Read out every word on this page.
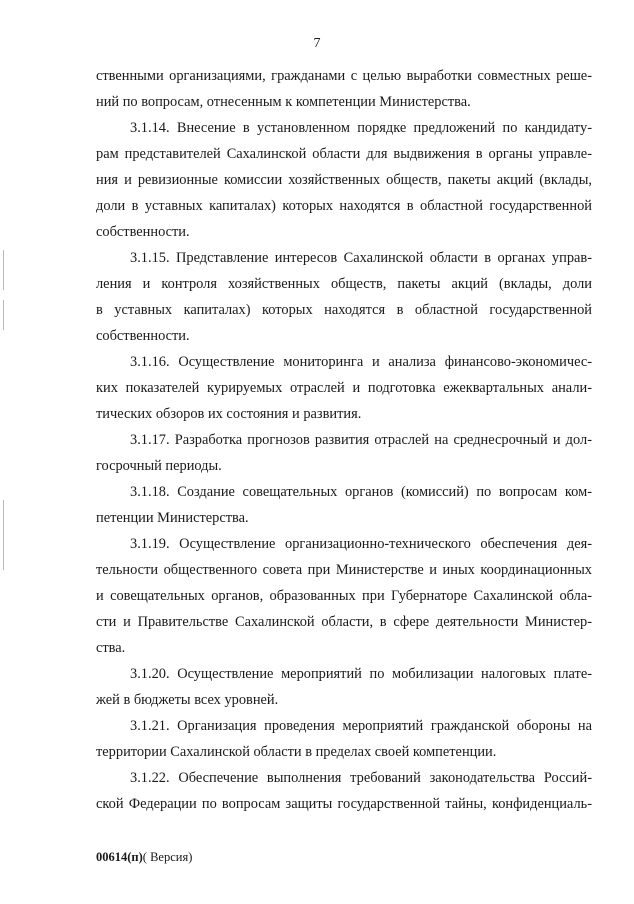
7
ственными организациями, гражданами с целью выработки совместных реше-
ний по вопросам, отнесенным к компетенции Министерства.
3.1.14. Внесение в установленном порядке предложений по кандидату-
рам представителей Сахалинской области для выдвижения в органы управле-
ния и ревизионные комиссии хозяйственных обществ, пакеты акций (вклады,
доли в уставных капиталах) которых находятся в областной государственной
собственности.
3.1.15. Представление интересов Сахалинской области в органах управ-
ления и контроля хозяйственных обществ, пакеты акций (вклады, доли
в уставных капиталах) которых находятся в областной государственной
собственности.
3.1.16. Осуществление мониторинга и анализа финансово-экономичес-
ких показателей курируемых отраслей и подготовка ежеквартальных анали-
тических обзоров их состояния и развития.
3.1.17. Разработка прогнозов развития отраслей на среднесрочный и дол-
госрочный периоды.
3.1.18. Создание совещательных органов (комиссий) по вопросам ком-
петенции Министерства.
3.1.19. Осуществление организационно-технического обеспечения дея-
тельности общественного совета при Министерстве и иных координационных
и совещательных органов, образованных при Губернаторе Сахалинской обла-
сти и Правительстве Сахалинской области, в сфере деятельности Министер-
ства.
3.1.20. Осуществление мероприятий по мобилизации налоговых плате-
жей в бюджеты всех уровней.
3.1.21. Организация проведения мероприятий гражданской обороны на
территории Сахалинской области в пределах своей компетенции.
3.1.22. Обеспечение выполнения требований законодательства Россий-
ской Федерации по вопросам защиты государственной тайны, конфиденциаль-
00614(п)( Версия)
